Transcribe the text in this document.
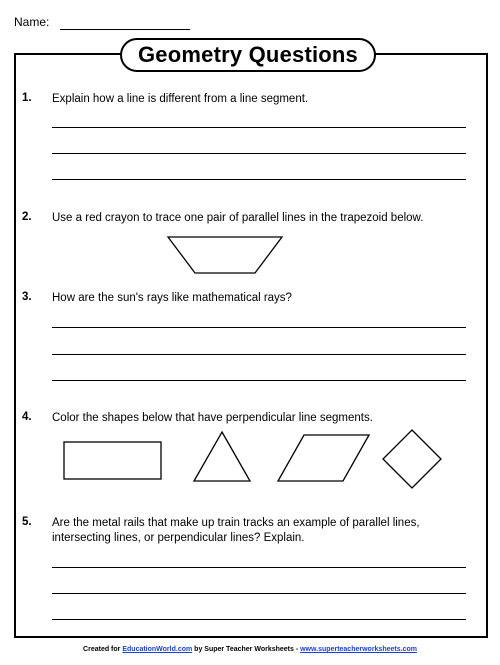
Name:
Geometry Questions
1. Explain how a line is different from a line segment.
2. Use a red crayon to trace one pair of parallel lines in the trapezoid below.
3. How are the sun's rays like mathematical rays?
4. Color the shapes below that have perpendicular line segments.
5. Are the metal rails that make up train tracks an example of parallel lines,
intersecting lines, or perpendicular lines? Explain.
Created for EducationWorld.com by Super Teacher Worksheets - www.superteacherworksheets.com
